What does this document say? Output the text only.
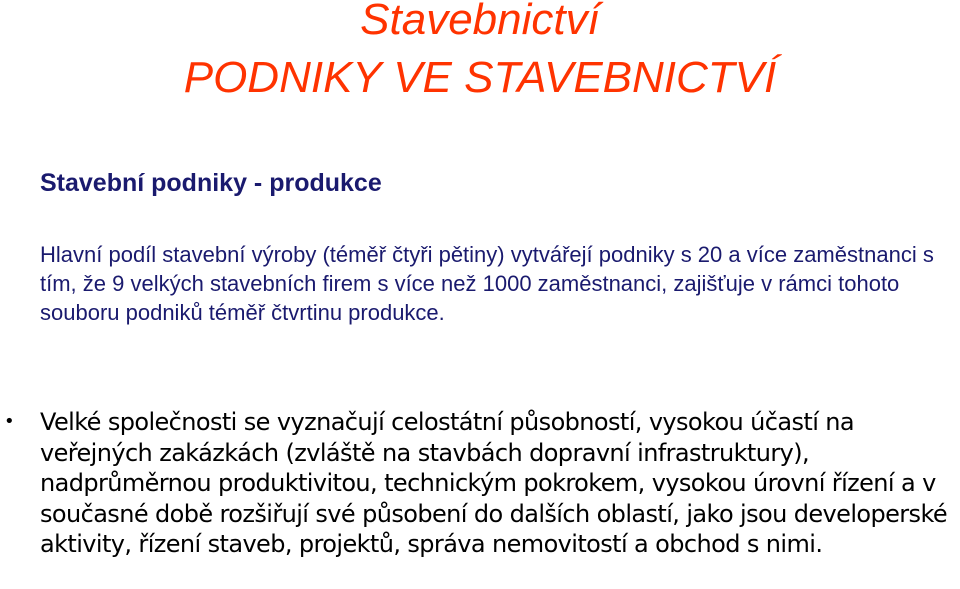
Stavebnictví
PODNIKY VE STAVEBNICTVÍ
Stavební podniky - produkce
Hlavní podíl stavební výroby (téměř čtyři pětiny) vytvářejí podniky s 20 a více zaměstnanci s tím, že 9 velkých stavebních firem s více než 1000 zaměstnanci, zajišťuje v rámci tohoto souboru podniků téměř čtvrtinu produkce.
• Velké společnosti se vyznačují celostátní působností, vysokou účastí na veřejných zakázkách (zvláště na stavbách dopravní infrastruktury), nadprůměrnou produktivitou, technickým pokrokem, vysokou úrovní řízení a v současné době rozšiřují své působení do dalších oblastí, jako jsou developerské aktivity, řízení staveb, projektů, správa nemovitostí a obchod s nimi.
